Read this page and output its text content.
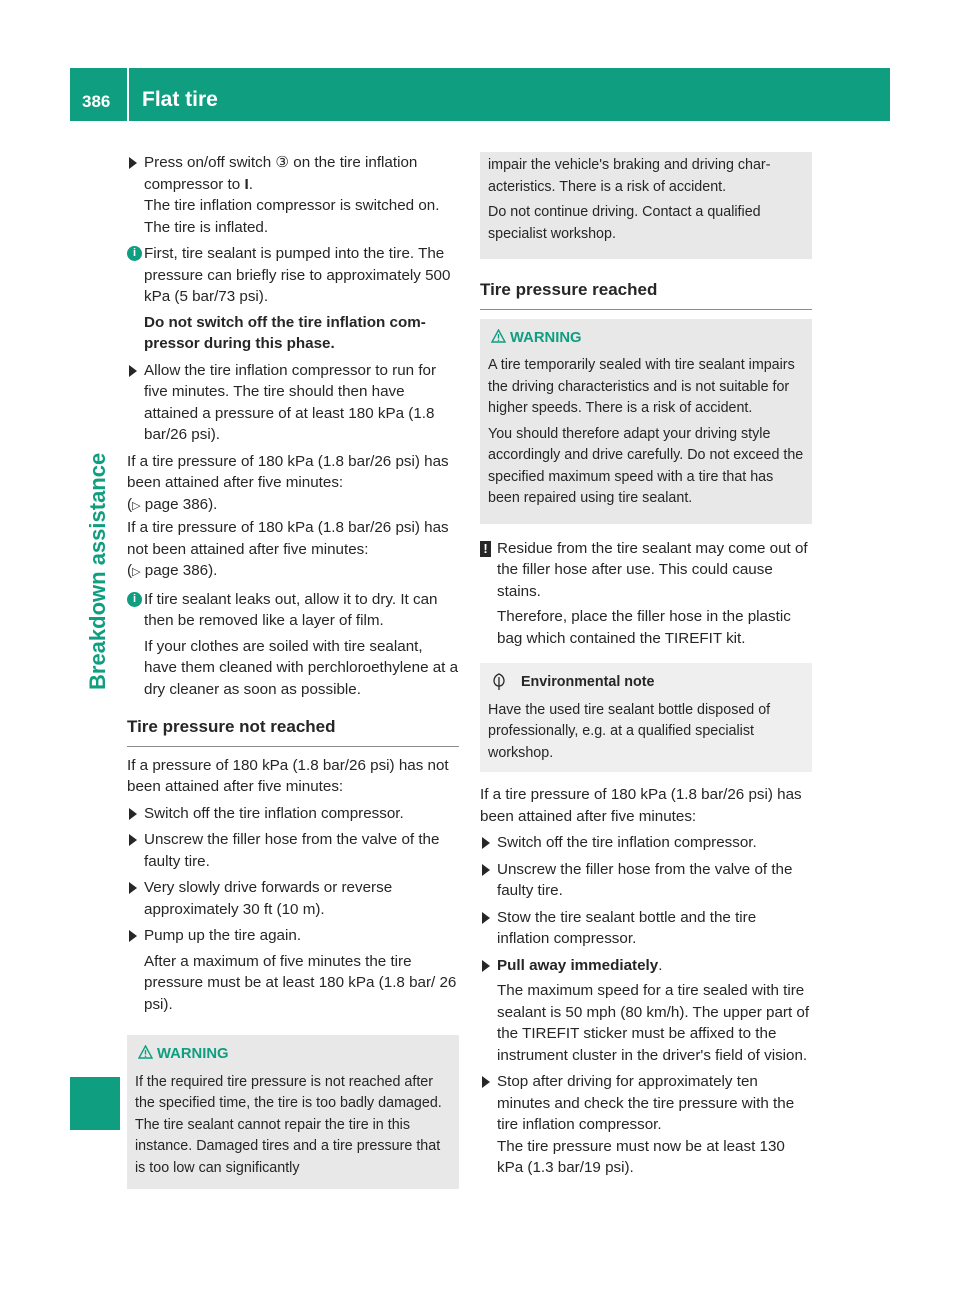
386 Flat tire
Breakdown assistance
Press on/off switch ③ on the tire inflation compressor to I.
The tire inflation compressor is switched on. The tire is inflated.
i First, tire sealant is pumped into the tire. The pressure can briefly rise to approximately 500 kPa (5 bar/73 psi).
Do not switch off the tire inflation compressor during this phase.
Allow the tire inflation compressor to run for five minutes. The tire should then have attained a pressure of at least 180 kPa (1.8 bar/26 psi).
If a tire pressure of 180 kPa (1.8 bar/26 psi) has been attained after five minutes:
(▷ page 386).
If a tire pressure of 180 kPa (1.8 bar/26 psi) has not been attained after five minutes:
(▷ page 386).
i If tire sealant leaks out, allow it to dry. It can then be removed like a layer of film.
If your clothes are soiled with tire sealant, have them cleaned with perchloroethylene at a dry cleaner as soon as possible.
Tire pressure not reached
If a pressure of 180 kPa (1.8 bar/26 psi) has not been attained after five minutes:
Switch off the tire inflation compressor.
Unscrew the filler hose from the valve of the faulty tire.
Very slowly drive forwards or reverse approximately 30 ft (10 m).
Pump up the tire again.
After a maximum of five minutes the tire pressure must be at least 180 kPa (1.8 bar/ 26 psi).
WARNING
If the required tire pressure is not reached after the specified time, the tire is too badly damaged. The tire sealant cannot repair the tire in this instance. Damaged tires and a tire pressure that is too low can significantly
impair the vehicle's braking and driving characteristics. There is a risk of accident.
Do not continue driving. Contact a qualified specialist workshop.
Tire pressure reached
WARNING
A tire temporarily sealed with tire sealant impairs the driving characteristics and is not suitable for higher speeds. There is a risk of accident.
You should therefore adapt your driving style accordingly and drive carefully. Do not exceed the specified maximum speed with a tire that has been repaired using tire sealant.
! Residue from the tire sealant may come out of the filler hose after use. This could cause stains.
Therefore, place the filler hose in the plastic bag which contained the TIREFIT kit.
Environmental note
Have the used tire sealant bottle disposed of professionally, e.g. at a qualified specialist workshop.
If a tire pressure of 180 kPa (1.8 bar/26 psi) has been attained after five minutes:
Switch off the tire inflation compressor.
Unscrew the filler hose from the valve of the faulty tire.
Stow the tire sealant bottle and the tire inflation compressor.
Pull away immediately.
The maximum speed for a tire sealed with tire sealant is 50 mph (80 km/h). The upper part of the TIREFIT sticker must be affixed to the instrument cluster in the driver's field of vision.
Stop after driving for approximately ten minutes and check the tire pressure with the tire inflation compressor.
The tire pressure must now be at least 130 kPa (1.3 bar/19 psi).
